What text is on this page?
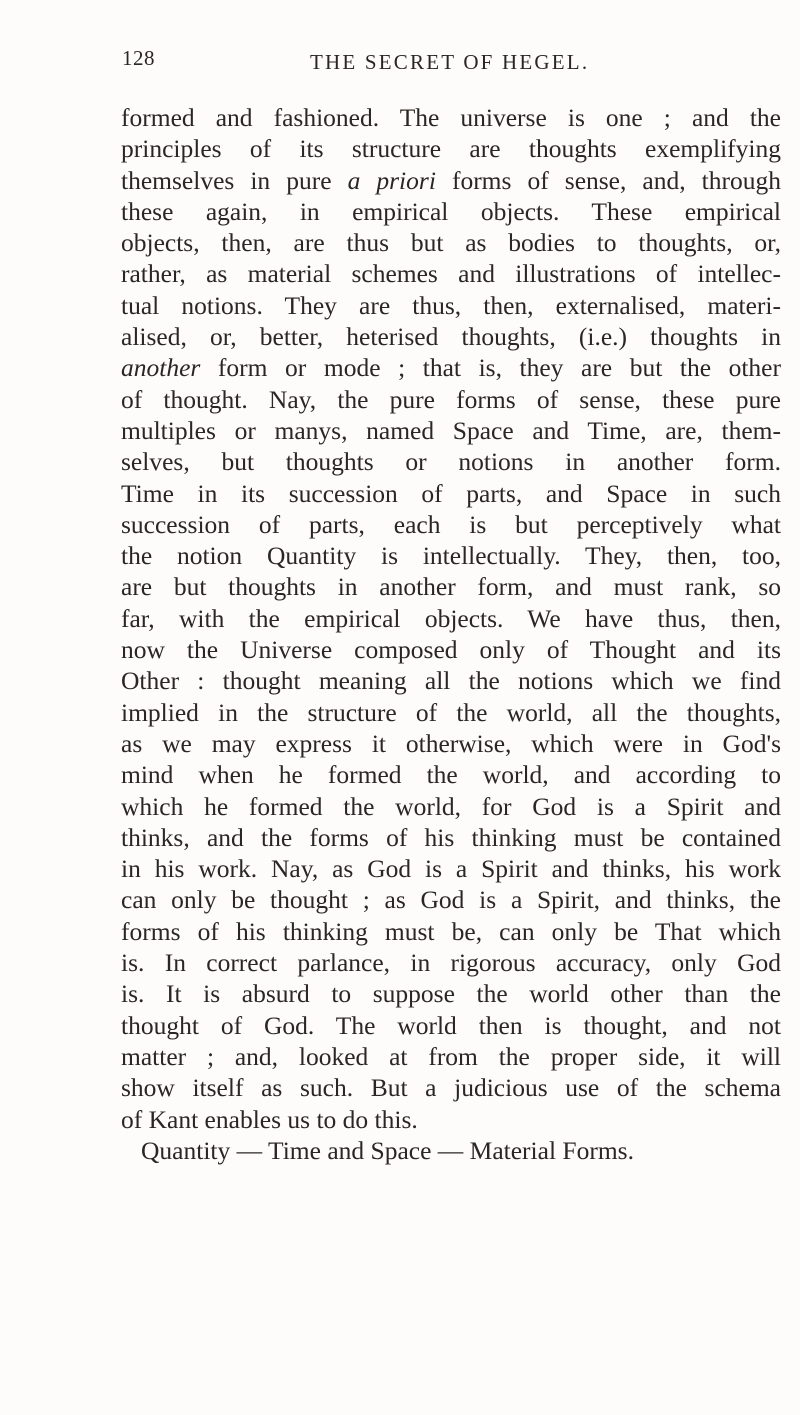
128	THE SECRET OF HEGEL.
formed and fashioned. The universe is one ; and the
principles of its structure are thoughts exemplifying
themselves in pure a priori forms of sense, and, through
these again, in empirical objects. These empirical
objects, then, are thus but as bodies to thoughts, or,
rather, as material schemes and illustrations of intellec-
tual notions. They are thus, then, externalised, materi-
alised, or, better, heterised thoughts, (i.e.) thoughts in
another form or mode ; that is, they are but the other
of thought. Nay, the pure forms of sense, these pure
multiples or manys, named Space and Time, are, them-
selves, but thoughts or notions in another form.
Time in its succession of parts, and Space in such
succession of parts, each is but perceptively what
the notion Quantity is intellectually. They, then, too,
are but thoughts in another form, and must rank, so
far, with the empirical objects. We have thus, then,
now the Universe composed only of Thought and its
Other : thought meaning all the notions which we find
implied in the structure of the world, all the thoughts,
as we may express it otherwise, which were in God's
mind when he formed the world, and according to
which he formed the world, for God is a Spirit and
thinks, and the forms of his thinking must be contained
in his work. Nay, as God is a Spirit and thinks, his work
can only be thought ; as God is a Spirit, and thinks, the
forms of his thinking must be, can only be That which
is. In correct parlance, in rigorous accuracy, only God
is. It is absurd to suppose the world other than the
thought of God. The world then is thought, and not
matter ; and, looked at from the proper side, it will
show itself as such. But a judicious use of the schema
of Kant enables us to do this.
Quantity — Time and Space — Material Forms.
